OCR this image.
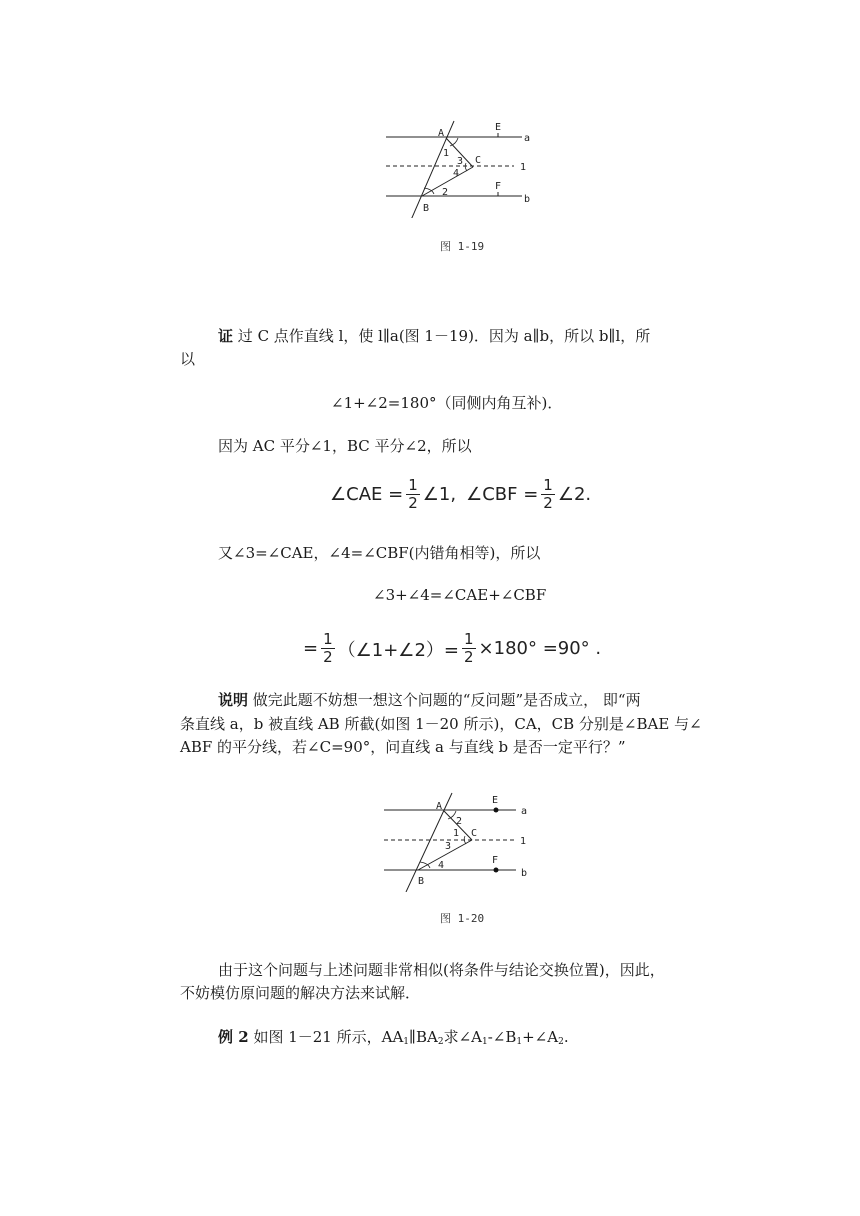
A
E
a
1
3 C
1
4
F
2
b
B
图 1-19
证 过 C 点作直线 l，使 l∥a(图 1－19)．因为 a∥b，所以 b∥l，所
以
∠1+∠2=180°（同侧内角互补)．
因为 AC 平分∠1，BC 平分∠2，所以
∠CAE = $\frac{1}{2}$ ∠1, ∠CBF = $\frac{1}{2}$ ∠2.
又∠3=∠CAE，∠4=∠CBF(内错角相等)，所以
∠3+∠4=∠CAE+∠CBF
= $\frac{1}{2}$ （∠1+∠2）= $\frac{1}{2} \times 180^\circ =90^\circ$ .
说明 做完此题不妨想一想这个问题的“反问题”是否成立， 即“两
条直线 a，b 被直线 AB 所截(如图 1－20 所示)，CA，CB 分别是∠BAE 与∠
ABF 的平分线，若∠C=90°，问直线 a 与直线 b 是否一定平行？”
A
E
a
2
1 C
3	1
F
4
b
B
图 1-20
由于这个问题与上述问题非常相似(将条件与结论交换位置)，因此，
不妨模仿原问题的解决方法来试解．
例 2 如图 1－21 所示，$AA_1\parallel BA_2$求$\angle A_1-\angle B_1+\angle A_2$.
